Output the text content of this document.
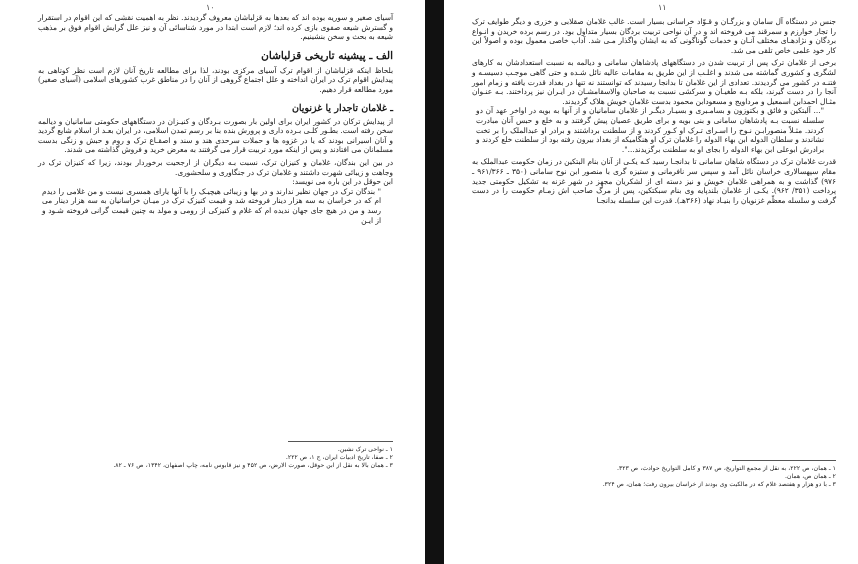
۱۰

آسیای صغیر و سوریه بوده اند که بعدها به قزلباشان معروف گردیدند. نظر به اهمیت نقشی که این اقوام در استقرار و گسترش شیعه صفوی بازی کرده اند؛ لازم است ابتدا در مورد شناسائی آن و نیز علل گرایش اقوام فوق بر مذهب شیعه به بحث و سخن بنشینیم.

الف ـ پیشینه تاریخی قزلباشان

بلحاظ اینکه قزلباشان از اقوام ترک آسیای مرکزی بودند، لذا برای مطالعه تاریخ آنان لازم است نظر کوتاهی به پیدایش اقوام ترک در ایران انداخته و علل اجتماع گروهی از آنان را در مناطق غرب کشورهای اسلامی (آسیای صغیر) مورد مطالعه قرار دهیم.

ـ غلامان تاجدار یا غزنویان

از پیدایش ترکان در کشور ایران برای اولین بار بصورت بـردگان و کنیـزان در دستگاههای حکومتی سامانیان و دیالمه سخن رفته است. بطـور کلـی بـرده داری و پرورش بنده بنا بر رسم تمدن اسلامی، در ایران بعـد از اسلام شایع گردید و آنان اسیرانی بودند که یا در غزوه ها و حملات سرحدی هند و سند و اصقـاع ترک و روم و حبش و زنگی بدست مسلمانان می افتادند و پس از اینکه مورد تربیت قرار می گرفتند به معرض خرید و فروش گذاشته می شدند.

در بین این بندگان، غلامان و کنیزان ترک، نسبت بـه دیگران از ارجحیت برخوردار بودند، زیرا که کنیزان ترک در وجاهت و زیبائی شهرت داشتند و غلامان ترک در جنگاوری و سلحشوری.

ابن حوقل در این باره می نویسد:

" بندگان ترک در جهان نظیر ندارند و در بها و زیبائی هیچیـک را با آنها یارای همسری نیست و من غلامی را دیدم ام که در خراسان به سه هزار دینار فروخته شد و قیمت کنیزک ترک در میـان خراسانیان به سه هزار دینار می رسد و من در هیچ جای جهان ندیده ام که غلام و کنیزکی از رومی و مولد به چنین قیمت گرانی فروخته شـود و از ایـن

۱ ـ نواحی ترک نشین.

۲ ـ صفا، تاریخ ادبیات ایران، ج ۱، ص ۲۲۲.

۳ ـ همان بالا به نقل از ابن حوقل، صورت الارض، ص ۴۵۲ و نیز قابوس نامه، چاپ اصفهان، ۱۳۴۲، ص ۷۶ ـ ۸۲.

۱۱

جنس در دستگاه آل سامان و بزرگـان و قـوّاد خراسانی بسیار است. غالب غلامان صقلابی و خزری و دیگر طوایف ترک را تجار خوارزم و سمرقند می فروخته اند و در آن نواحی تربیت بردگان بسیار متداول بود. در رسم برده خریدن و انـواع بردگان و نژادهـای مختلف آنـان و خدمات گوناگونی که به ایشان واگذار مـی شد. آداب خاصی معمول بوده و اصولاً این کار خود علمی خاص تلقی می شد.

برخی از غلامان ترک پس از تربیت شدن در دستگاههای پادشاهان سامانی و دیالمه به نسبت استعدادشان به کارهای لشگری و کشوری گماشته می شدند و اغلـب از این طریق به مقامات عالیه نائل شـده و حتی گاهی موجـب دسیسـه و فتنـه در کشور می گردیدند. تعدادی از این غلامان تا بدانجا رسیدند که توانستند نه تنها در بغداد قدرت یافته و زمام امور آنجا را در دست گیرند، بلکه بـه طغیـان و سرکشی نسبت به صاحبان والاسقامشـان در ایـران نیز پرداختند. بـه عنـوان مثـال احمدابن اسمعیل و مرداویج و مسعودابن محمود بدست غلامان خویش هلاک گردیدند.

"... آلبتکین و فائق و بکتوزون و بسامـبری و بسیـار دیگـر از غلامان سامانیان و از آنها به بویه در اواخر عهد آن دو سلسله نسبت بـه پادشاهان سامانی و بنی بویه و برای طریق عصیان پیش گرفتند و به خلع و حبس آنان مبادرت کردند. مثـلاً منصورابـن نـوح را اسـرای تـرک او کـور کردند و از سلطنت برداشتند و برادر او عبدالملک را بر تخت نشاندند و سلطان الدوله ابن بهاء الدوله را غلامان ترک او هنگامیکه از بغداد بیرون رفته بود از سلطنت خلع کردند و برادرش ابوعلی ابن بهاء الدوله را بجای او به سلطنت برگزیدند...".

قدرت غلامان ترک در دستگاه شاهان سامانی تا بدانجـا رسید کـه یکـی از آنان بنام البتکین در زمان حکومت عبدالملک به مقام سپهسالاری خراسان نائل آمد و سپس سر نافرمانی و ستیزه گری با منصور ابن نوح سامانی (۳۵۰ ـ ۹۶۱/۳۶۶ ـ ۹۷۶) گذاشت و به همراهی غلامان خویش و نیز دسته ای از لشکریان مجهز در شهر غزنه به تشکیل حکومتی جدید پرداخت (۳۵۱/ ۹۶۲). یکـی از غلامان بلندپایه وی بنام سبکتکین، پس از مرگ صاحب اش زمـام حکومت را در دست گرفت و سلسله معظّم غزنویان را بنیـاد نهاد (۳۶۶هـ). قدرت این سلسله بدانجـا

۱ ـ همان، ص ۲۲۲، به نقل از مجمع التواریخ، ص ۳۸۷ و کامل التواریخ حوادث، ص ۳۲۳.

۲ ـ همان ص، همان.

۳ ـ با دو هزار و هفتصد غلام که در مالکیت وی بودند از خراسان بیرون رفت؛ همان، ص ۳۲۴.
